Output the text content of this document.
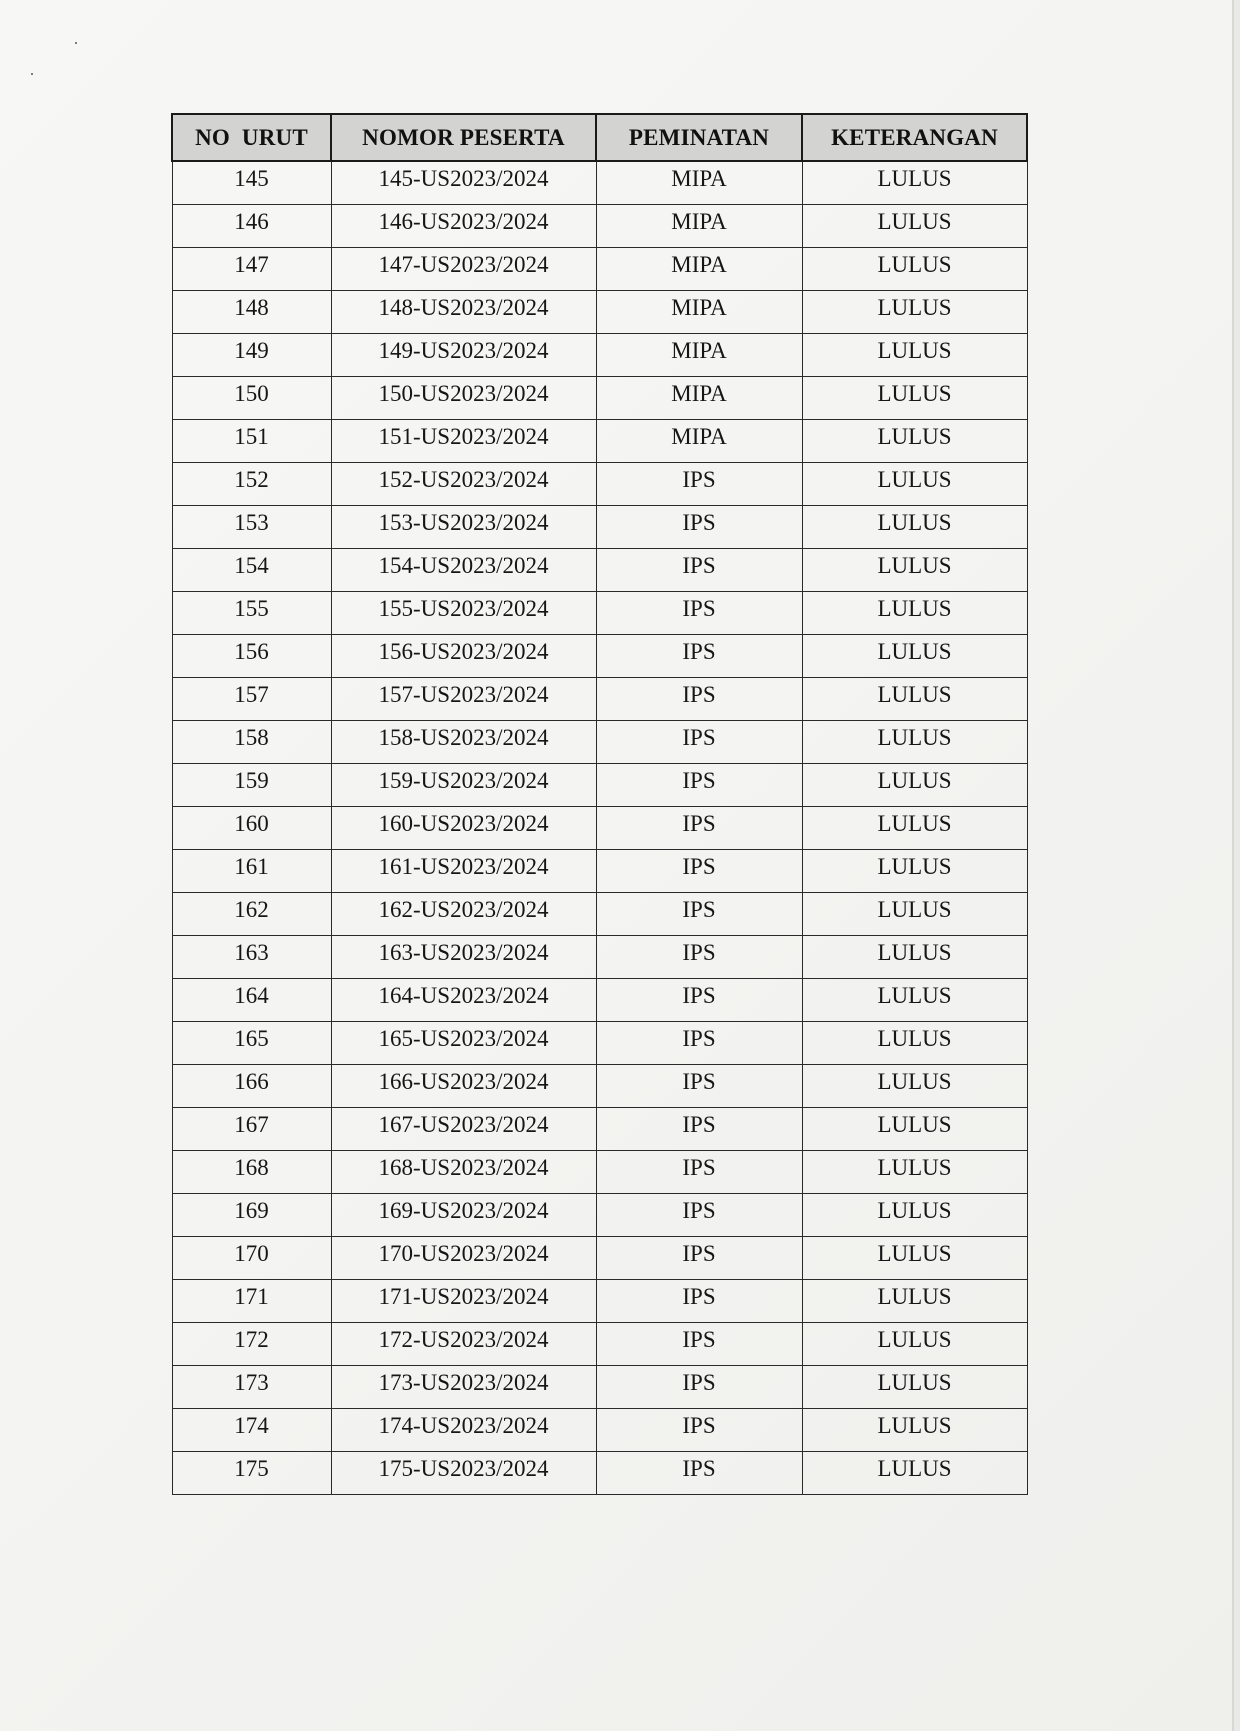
NO  URUT	NOMOR PESERTA	PEMINATAN	KETERANGAN
145	145-US2023/2024	MIPA	LULUS
146	146-US2023/2024	MIPA	LULUS
147	147-US2023/2024	MIPA	LULUS
148	148-US2023/2024	MIPA	LULUS
149	149-US2023/2024	MIPA	LULUS
150	150-US2023/2024	MIPA	LULUS
151	151-US2023/2024	MIPA	LULUS
152	152-US2023/2024	IPS	LULUS
153	153-US2023/2024	IPS	LULUS
154	154-US2023/2024	IPS	LULUS
155	155-US2023/2024	IPS	LULUS
156	156-US2023/2024	IPS	LULUS
157	157-US2023/2024	IPS	LULUS
158	158-US2023/2024	IPS	LULUS
159	159-US2023/2024	IPS	LULUS
160	160-US2023/2024	IPS	LULUS
161	161-US2023/2024	IPS	LULUS
162	162-US2023/2024	IPS	LULUS
163	163-US2023/2024	IPS	LULUS
164	164-US2023/2024	IPS	LULUS
165	165-US2023/2024	IPS	LULUS
166	166-US2023/2024	IPS	LULUS
167	167-US2023/2024	IPS	LULUS
168	168-US2023/2024	IPS	LULUS
169	169-US2023/2024	IPS	LULUS
170	170-US2023/2024	IPS	LULUS
171	171-US2023/2024	IPS	LULUS
172	172-US2023/2024	IPS	LULUS
173	173-US2023/2024	IPS	LULUS
174	174-US2023/2024	IPS	LULUS
175	175-US2023/2024	IPS	LULUS
